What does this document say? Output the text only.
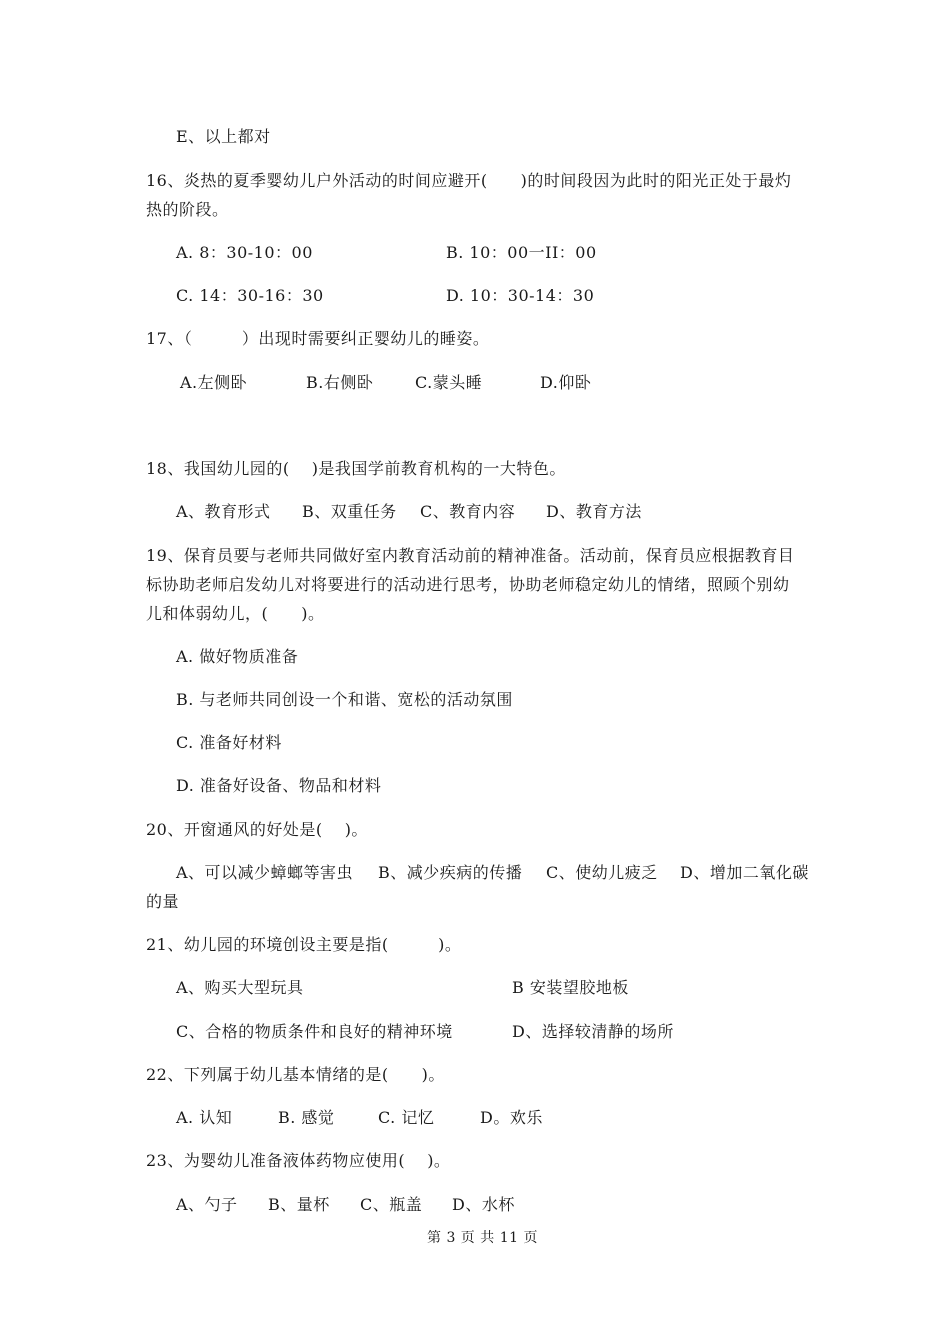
E、以上都对
16、炎热的夏季婴幼儿户外活动的时间应避开(　　)的时间段因为此时的阳光正处于最灼
热的阶段。
A. 8：30-10：00	B. 10：00一II：00
C. 14：30-16：30	D. 10：30-14：30
17、（　　　）出现时需要纠正婴幼儿的睡姿。
A.左侧卧	B.右侧卧	C.蒙头睡	D.仰卧
18、我国幼儿园的(　 )是我国学前教育机构的一大特色。
A、教育形式 B、双重任务 C、教育内容 D、教育方法
19、保育员要与老师共同做好室内教育活动前的精神准备。活动前，保育员应根据教育目
标协助老师启发幼儿对将要进行的活动进行思考，协助老师稳定幼儿的情绪，照顾个别幼
儿和体弱幼儿，(　　)。
A. 做好物质准备
B. 与老师共同创设一个和谐、宽松的活动氛围
C. 准备好材料
D. 准备好设备、物品和材料
20、开窗通风的好处是(　 )。
A、可以减少蟑螂等害虫 B、减少疾病的传播 C、使幼儿疲乏 D、增加二氧化碳
的量
21、幼儿园的环境创设主要是指(　　　)。
A、购买大型玩具	B 安装望胶地板
C、合格的物质条件和良好的精神环境	D、选择较清静的场所
22、下列属于幼儿基本情绪的是(　　)。
A. 认知	B. 感觉	C. 记忆	D。欢乐
23、为婴幼儿准备液体药物应使用(　 )。
A、勺子 B、量杯 C、瓶盖 D、水杯
第 3 页 共 11 页
